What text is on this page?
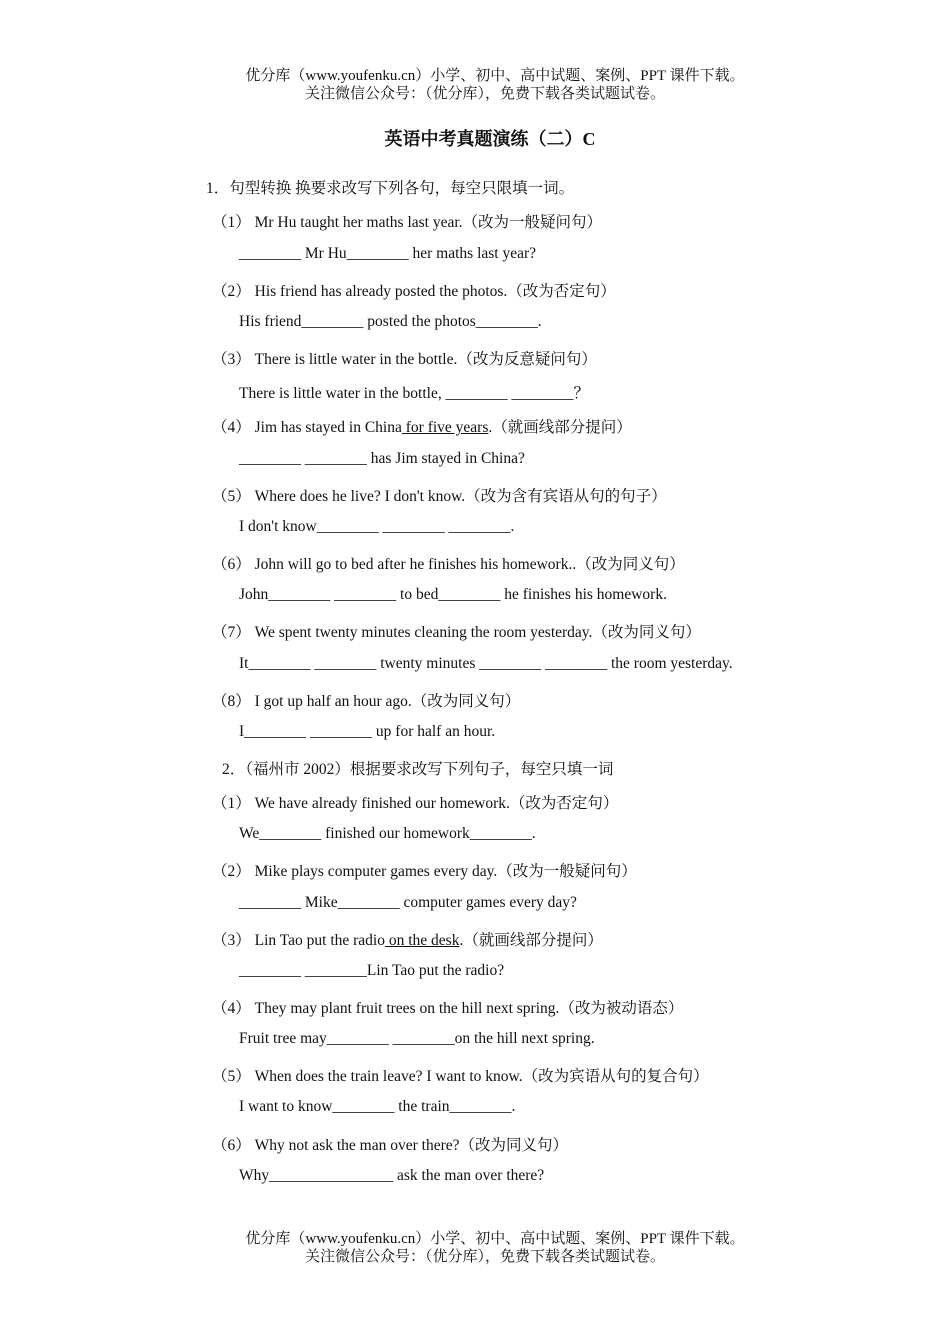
优分库（www.youfenku.cn）小学、初中、高中试题、案例、PPT 课件下载。
关注微信公众号：（优分库），免费下载各类试题试卷。
英语中考真题演练（二）C
1．句型转换 换要求改写下列各句，每空只限填一词。
（1） Mr Hu taught her maths last year.（改为一般疑问句）
________ Mr Hu________ her maths last year?
（2） His friend has already posted the photos.（改为否定句）
His friend________ posted the photos________.
（3） There is little water in the bottle.（改为反意疑问句）
There is little water in the bottle, ________ ________？
（4） Jim has stayed in China for five years.（就画线部分提问）
________ ________ has Jim stayed in China?
（5） Where does he live? I don't know.（改为含有宾语从句的句子）
I don't know________ ________ ________.
（6） John will go to bed after he finishes his homework..（改为同义句）
John________ ________ to bed________ he finishes his homework.
（7） We spent twenty minutes cleaning the room yesterday.（改为同义句）
It________ ________ twenty minutes ________ ________ the room yesterday.
（8） I got up half an hour ago.（改为同义句）
I________ ________ up for half an hour.
2．（福州市 2002）根据要求改写下列句子，每空只填一词
（1） We have already finished our homework.（改为否定句）
We________ finished our homework________.
（2） Mike plays computer games every day.（改为一般疑问句）
________ Mike________ computer games every day?
（3） Lin Tao put the radio on the desk.（就画线部分提问）
________ ________Lin Tao put the radio?
（4） They may plant fruit trees on the hill next spring.（改为被动语态）
Fruit tree may________ ________on the hill next spring.
（5） When does the train leave? I want to know.（改为宾语从句的复合句）
I want to know________ the train________.
（6） Why not ask the man over there?（改为同义句）
Why________________ ask the man over there?
优分库（www.youfenku.cn）小学、初中、高中试题、案例、PPT 课件下载。
关注微信公众号：（优分库），免费下载各类试题试卷。
